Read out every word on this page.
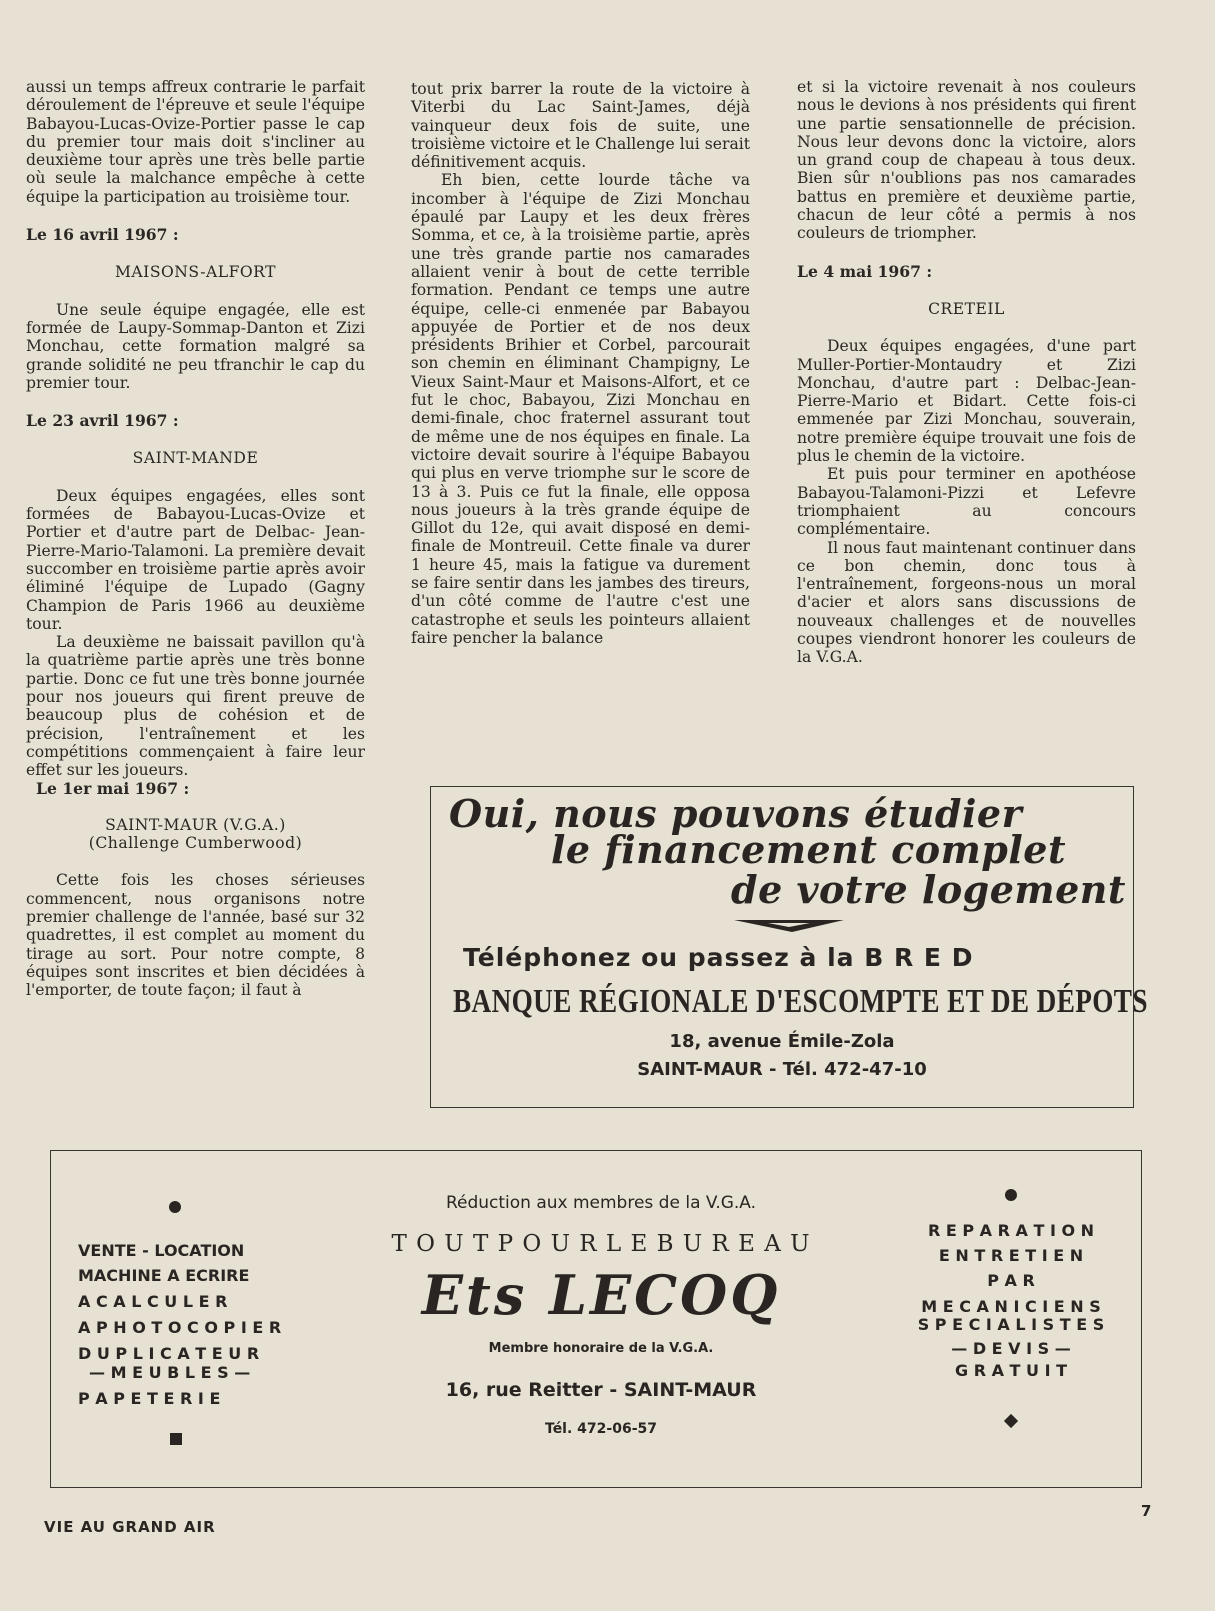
aussi un temps affreux contrarie le parfait déroulement de l'épreuve et seule l'équipe Babayou-Lucas-Ovize-Portier passe le cap du premier tour mais doit s'incliner au deuxième tour après une très belle partie où seule la malchance empêche à cette équipe la participation au troisième tour.

Le 16 avril 1967 :
MAISONS-ALFORT

Une seule équipe engagée, elle est formée de Laupy-Sommap-Danton et Zizi Monchau, cette formation malgré sa grande solidité ne peu tfranchir le cap du premier tour.

Le 23 avril 1967 :
SAINT-MANDE

Deux équipes engagées, elles sont formées de Babayou-Lucas-Ovize et Portier et d'autre part de Delbac- Jean-Pierre-Mario-Talamoni. La première devait succomber en troisième partie après avoir éliminé l'équipe de Lupado (Gagny Champion de Paris 1966 au deuxième tour.

La deuxième ne baissait pavillon qu'à la quatrième partie après une très bonne partie. Donc ce fut une très bonne journée pour nos joueurs qui firent preuve de beaucoup plus de cohésion et de précision, l'entraînement et les compétitions commençaient à faire leur effet sur les joueurs.

Le 1er mai 1967 :
SAINT-MAUR (V.G.A.)
(Challenge Cumberwood)

Cette fois les choses sérieuses commencent, nous organisons notre premier challenge de l'année, basé sur 32 quadrettes, il est complet au moment du tirage au sort. Pour notre compte, 8 équipes sont inscrites et bien décidées à l'emporter, de toute façon; il faut à

tout prix barrer la route de la victoire à Viterbi du Lac Saint-James, déjà vainqueur deux fois de suite, une troisième victoire et le Challenge lui serait définitivement acquis.

Eh bien, cette lourde tâche va incomber à l'équipe de Zizi Monchau épaulé par Laupy et les deux frères Somma, et ce, à la troisième partie, après une très grande partie nos camarades allaient venir à bout de cette terrible formation. Pendant ce temps une autre équipe, celle-ci enmenée par Babayou appuyée de Portier et de nos deux présidents Brihier et Corbel, parcourait son chemin en éliminant Champigny, Le Vieux Saint-Maur et Maisons-Alfort, et ce fut le choc, Babayou, Zizi Monchau en demi-finale, choc fraternel assurant tout de même une de nos équipes en finale. La victoire devait sourire à l'équipe Babayou qui plus en verve triomphe sur le score de 13 à 3. Puis ce fut la finale, elle opposa nous joueurs à la très grande équipe de Gillot du 12e, qui avait disposé en demi-finale de Montreuil. Cette finale va durer 1 heure 45, mais la fatigue va durement se faire sentir dans les jambes des tireurs, d'un côté comme de l'autre c'est une catastrophe et seuls les pointeurs allaient faire pencher la balance

et si la victoire revenait à nos couleurs nous le devions à nos présidents qui firent une partie sensationnelle de précision. Nous leur devons donc la victoire, alors un grand coup de chapeau à tous deux. Bien sûr n'oublions pas nos camarades battus en première et deuxième partie, chacun de leur côté a permis à nos couleurs de triompher.

Le 4 mai 1967 :
CRETEIL

Deux équipes engagées, d'une part Muller-Portier-Montaudry et Zizi Monchau, d'autre part : Delbac-Jean-Pierre-Mario et Bidart. Cette fois-ci emmenée par Zizi Monchau, souverain, notre première équipe trouvait une fois de plus le chemin de la victoire.

Et puis pour terminer en apothéose Babayou-Talamoni-Pizzi et Lefevre triomphaient au concours complémentaire.

Il nous faut maintenant continuer dans ce bon chemin, donc tous à l'entraînement, forgeons-nous un moral d'acier et alors sans discussions de nouveaux challenges et de nouvelles coupes viendront honorer les couleurs de la V.G.A.

Oui, nous pouvons étudier
le financement complet
de votre logement
Téléphonez ou passez à la B R E D
BANQUE RÉGIONALE D'ESCOMPTE ET DE DÉPOTS
18, avenue Émile-Zola
SAINT-MAUR - Tél. 472-47-10
VENTE - LOCATION
MACHINE A ECRIRE
A C A L C U L E R
A P H O T O C O P I E R
D U P L I C A T E U R
— M E U B L E S —
P A P E T E R I E
Réduction aux membres de la V.G.A.
T O U T P O U R L E B U R E A U
Ets LECOQ
Membre honoraire de la V.G.A.
16, rue Reitter - SAINT-MAUR
Tél. 472-06-57
R E P A R A T I O N
E N T R E T I E N
P A R
M E C A N I C I E N S
S P E C I A L I S T E S
— D E V I S —
G R A T U I T
VIE AU GRAND AIR
7
